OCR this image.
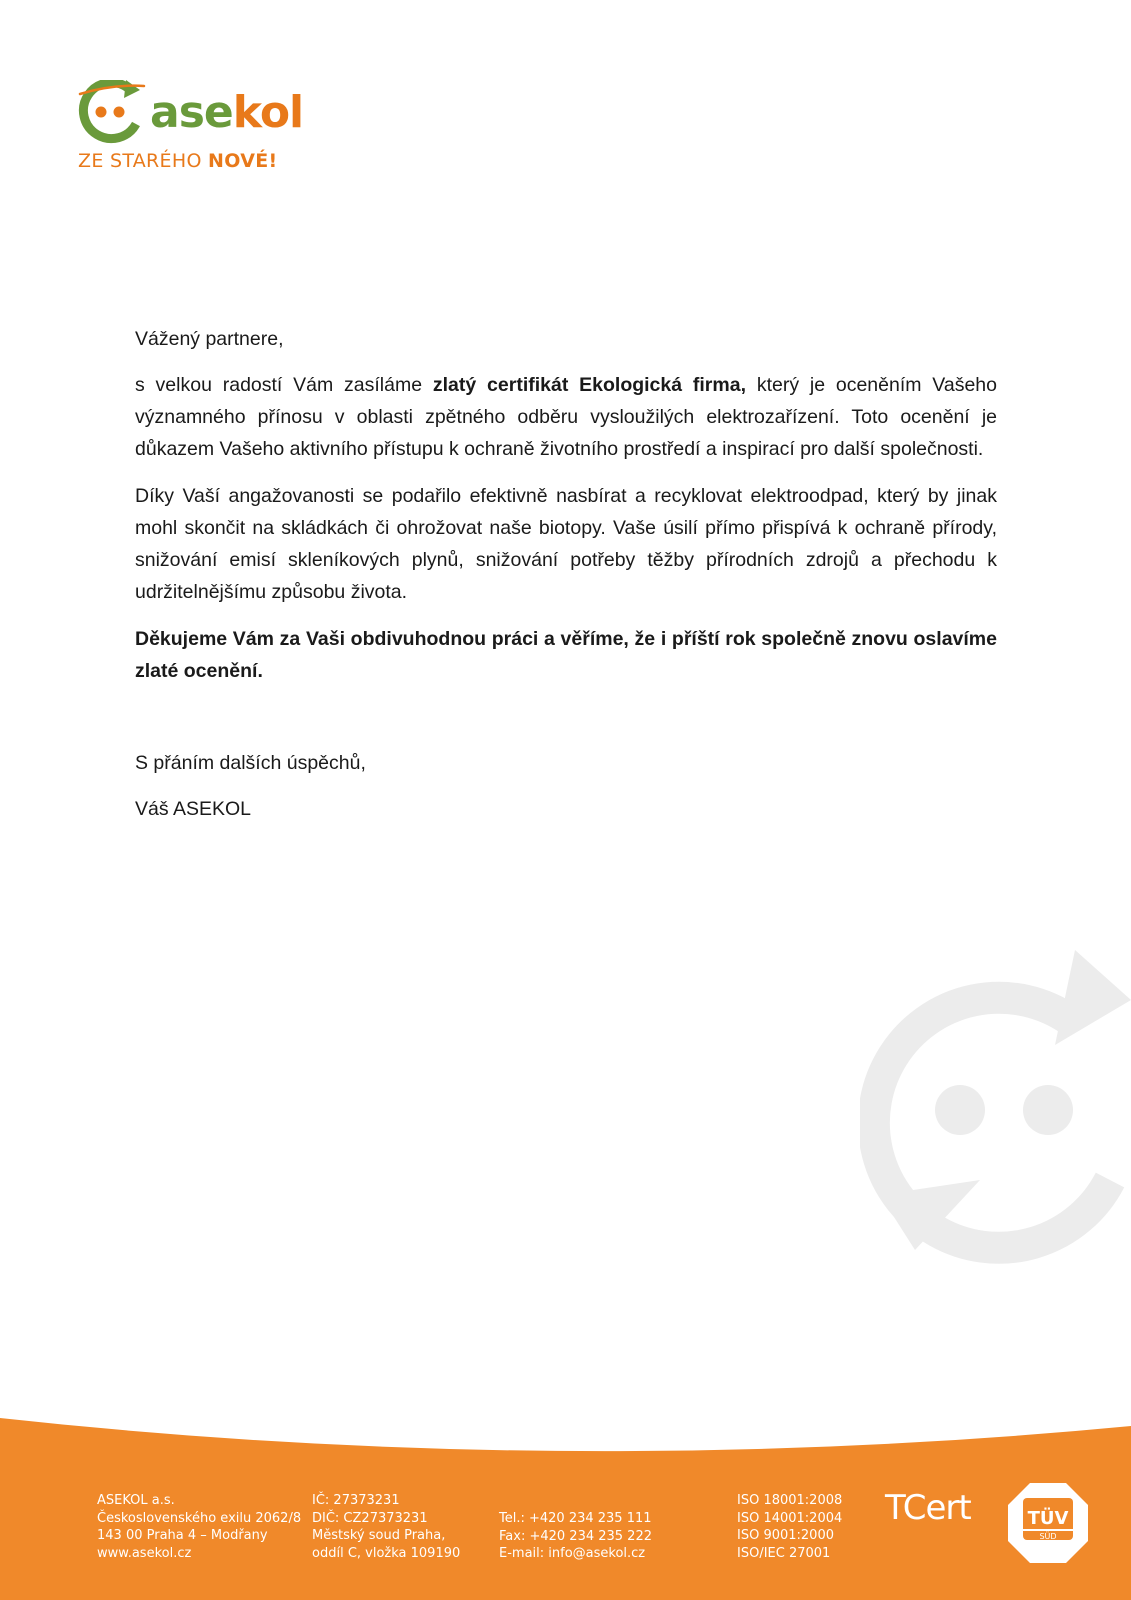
asekol
ZE STARÉHO NOVÉ!

Vážený partnere,

s velkou radostí Vám zasíláme zlatý certifikát Ekologická firma, který je oceněním Vašeho významného přínosu v oblasti zpětného odběru vysloužilých elektrozařízení. Toto ocenění je důkazem Vašeho aktivního přístupu k ochraně životního prostředí a inspirací pro další společnosti.

Díky Vaší angažovanosti se podařilo efektivně nasbírat a recyklovat elektroodpad, který by jinak mohl skončit na skládkách či ohrožovat naše biotopy. Vaše úsilí přímo přispívá k ochraně přírody, snižování emisí skleníkových plynů, snižování potřeby těžby přírodních zdrojů a přechodu k udržitelnějšímu způsobu života.

Děkujeme Vám za Vaši obdivuhodnou práci a věříme, že i příští rok společně znovu oslavíme zlaté ocenění.

S přáním dalších úspěchů,

Váš ASEKOL

ASEKOL a.s.
Československého exilu 2062/8
143 00 Praha 4 – Modřany
www.asekol.cz
IČ: 27373231
DIČ: CZ27373231
Městský soud Praha,
oddíl C, vložka 109190
Tel.: +420 234 235 111
Fax: +420 234 235 222
E-mail: info@asekol.cz
ISO 18001:2008
ISO 14001:2004
ISO 9001:2000
ISO/IEC 27001
TCert	TÜV
SÜD
